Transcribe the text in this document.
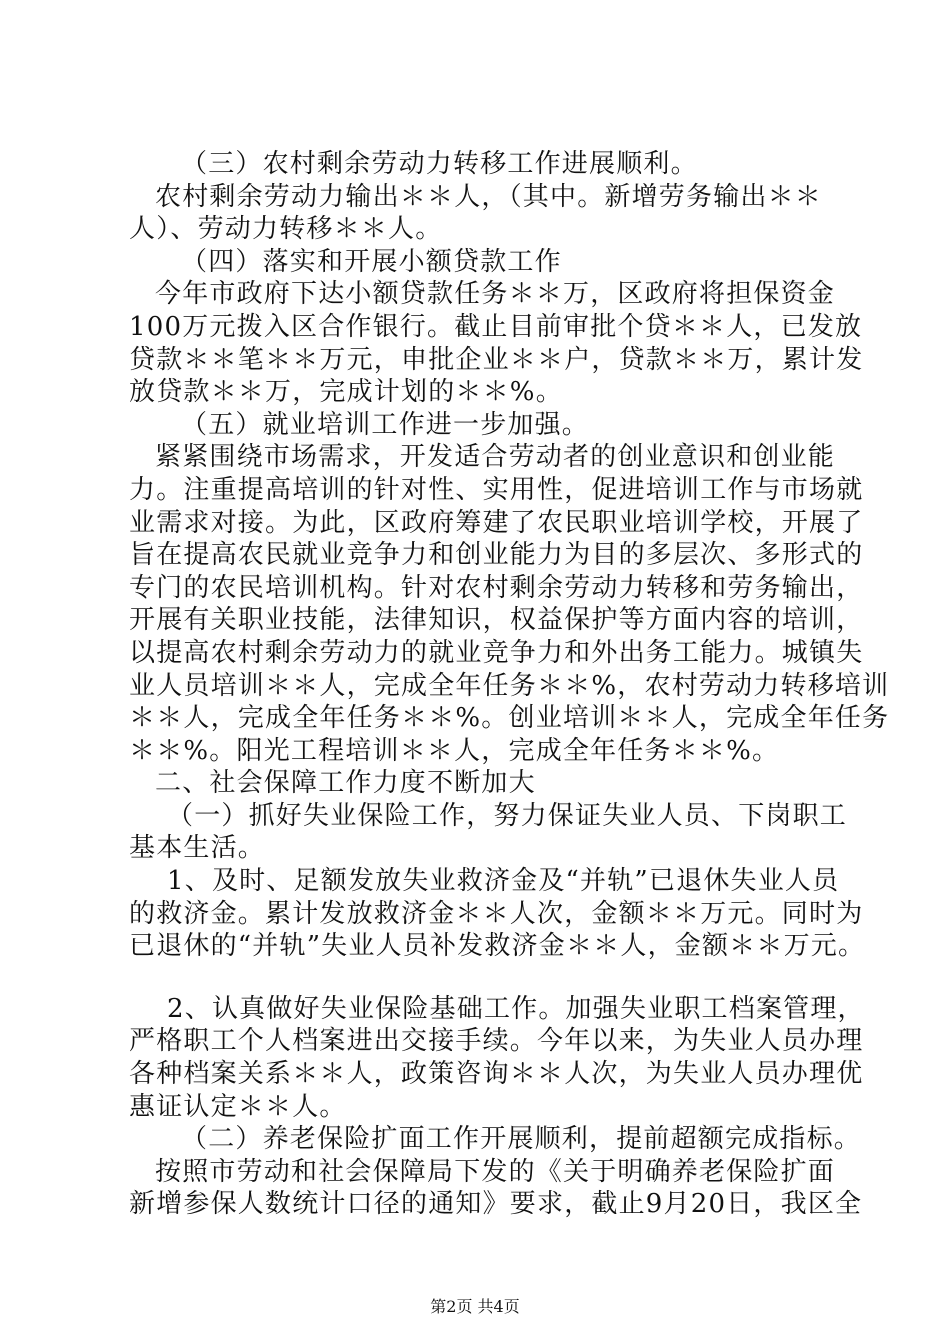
（三）农村剩余劳动力转移工作进展顺利。
农村剩余劳动力输出＊＊人，（其中。新增劳务输出＊＊
人）、劳动力转移＊＊人。
（四）落实和开展小额贷款工作
今年市政府下达小额贷款任务＊＊万，区政府将担保资金
100万元拨入区合作银行。截止目前审批个贷＊＊人，已发放
贷款＊＊笔＊＊万元，申批企业＊＊户，贷款＊＊万，累计发
放贷款＊＊万，完成计划的＊＊%。
（五）就业培训工作进一步加强。
紧紧围绕市场需求，开发适合劳动者的创业意识和创业能
力。注重提高培训的针对性、实用性，促进培训工作与市场就
业需求对接。为此，区政府筹建了农民职业培训学校，开展了
旨在提高农民就业竞争力和创业能力为目的多层次、多形式的
专门的农民培训机构。针对农村剩余劳动力转移和劳务输出，
开展有关职业技能，法律知识，权益保护等方面内容的培训，
以提高农村剩余劳动力的就业竞争力和外出务工能力。城镇失
业人员培训＊＊人，完成全年任务＊＊%，农村劳动力转移培训
＊＊人，完成全年任务＊＊%。创业培训＊＊人，完成全年任务
＊＊%。阳光工程培训＊＊人，完成全年任务＊＊%。
二、社会保障工作力度不断加大
（一）抓好失业保险工作，努力保证失业人员、下岗职工
基本生活。
1、及时、足额发放失业救济金及“并轨”已退休失业人员
的救济金。累计发放救济金＊＊人次，金额＊＊万元。同时为
已退休的“并轨”失业人员补发救济金＊＊人，金额＊＊万元。
2、认真做好失业保险基础工作。加强失业职工档案管理，
严格职工个人档案进出交接手续。今年以来，为失业人员办理
各种档案关系＊＊人，政策咨询＊＊人次，为失业人员办理优
惠证认定＊＊人。
（二）养老保险扩面工作开展顺利，提前超额完成指标。
按照市劳动和社会保障局下发的《关于明确养老保险扩面
新增参保人数统计口径的通知》要求，截止9月20日，我区全
第2页 共4页
